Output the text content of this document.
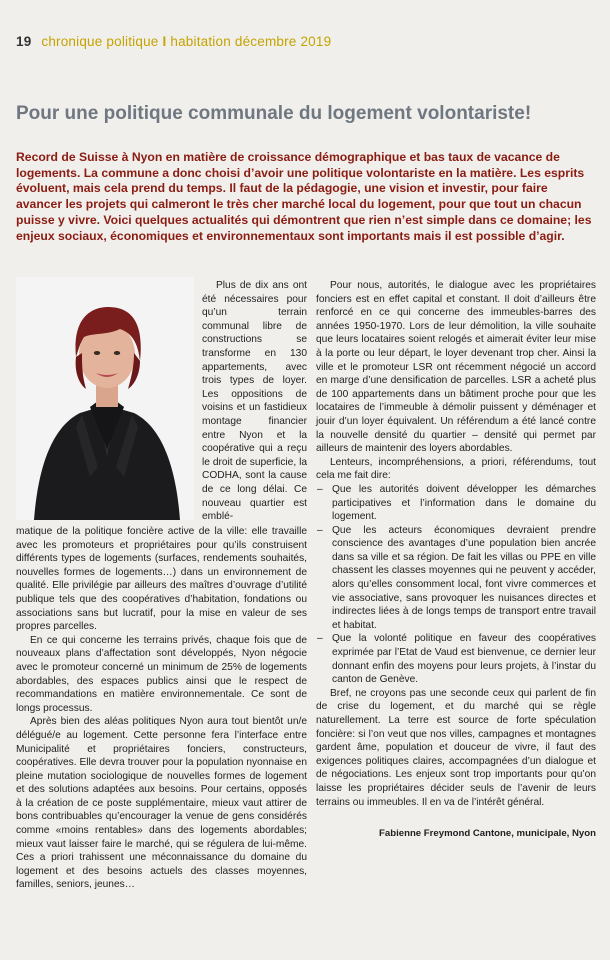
19 chronique politique I habitation décembre 2019
Pour une politique communale du logement volontariste!

Record de Suisse à Nyon en matière de croissance démographique et bas taux de vacance de logements. La commune a donc choisi d’avoir une politique volontariste en la matière. Les esprits évoluent, mais cela prend du temps. Il faut de la pédagogie, une vision et investir, pour faire avancer les projets qui calmeront le très cher marché local du logement, pour que tout un chacun puisse y vivre. Voici quelques actualités qui démontrent que rien n’est simple dans ce domaine; les enjeux sociaux, économiques et environnementaux sont importants mais il est possible d’agir.

Plus de dix ans ont été nécessaires pour qu’un terrain communal libre de constructions se transforme en 130 appartements, avec trois types de loyer. Les oppositions de voisins et un fastidieux montage financier entre Nyon et la coopérative qui a reçu le droit de superficie, la CODHA, sont la cause de ce long délai. Ce nouveau quartier est emblé-

matique de la politique foncière active de la ville: elle travaille avec les promoteurs et propriétaires pour qu’ils construisent différents types de logements (surfaces, rendements souhaités, nouvelles formes de logements…) dans un environnement de qualité. Elle privilégie par ailleurs des maîtres d’ouvrage d’utilité publique tels que des coopératives d’habitation, fondations ou associations sans but lucratif, pour la mise en valeur de ses propres parcelles.

En ce qui concerne les terrains privés, chaque fois que de nouveaux plans d’affectation sont développés, Nyon négocie avec le promoteur concerné un minimum de 25% de logements abordables, des espaces publics ainsi que le respect de recommandations en matière environnementale. Ce sont de longs processus.

Après bien des aléas politiques Nyon aura tout bientôt un/e délégué/e au logement. Cette personne fera l’interface entre Municipalité et propriétaires fonciers, constructeurs, coopératives. Elle devra trouver pour la population nyonnaise en pleine mutation sociologique de nouvelles formes de logement et des solutions adaptées aux besoins. Pour certains, opposés à la création de ce poste supplémentaire, mieux vaut attirer de bons contribuables qu’encourager la venue de gens considérés comme «moins rentables» dans des logements abordables; mieux vaut laisser faire le marché, qui se régulera de lui-même. Ces a priori trahissent une méconnaissance du domaine du logement et des besoins actuels des classes moyennes, familles, seniors, jeunes…

Pour nous, autorités, le dialogue avec les propriétaires fonciers est en effet capital et constant. Il doit d’ailleurs être renforcé en ce qui concerne des immeubles-barres des années 1950-1970. Lors de leur démolition, la ville souhaite que leurs locataires soient relogés et aimerait éviter leur mise à la porte ou leur départ, le loyer devenant trop cher. Ainsi la ville et le promoteur LSR ont récemment négocié un accord en marge d’une densification de parcelles. LSR a acheté plus de 100 appartements dans un bâtiment proche pour que les locataires de l’immeuble à démolir puissent y déménager et jouir d’un loyer équivalent. Un référendum a été lancé contre la nouvelle densité du quartier – densité qui permet par ailleurs de maintenir des loyers abordables.

Lenteurs, incompréhensions, a priori, référendums, tout cela me fait dire:

– Que les autorités doivent développer les démarches participatives et l’information dans le domaine du logement.
– Que les acteurs économiques devraient prendre conscience des avantages d’une population bien ancrée dans sa ville et sa région. De fait les villas ou PPE en ville chassent les classes moyennes qui ne peuvent y accéder, alors qu’elles consomment local, font vivre commerces et vie associative, sans provoquer les nuisances directes et indirectes liées à de longs temps de transport entre travail et habitat.
– Que la volonté politique en faveur des coopératives exprimée par l’Etat de Vaud est bienvenue, ce dernier leur donnant enfin des moyens pour leurs projets, à l’instar du canton de Genève.

Bref, ne croyons pas une seconde ceux qui parlent de fin de crise du logement, et du marché qui se règle naturellement. La terre est source de forte spéculation foncière: si l’on veut que nos villes, campagnes et montagnes gardent âme, population et douceur de vivre, il faut des exigences politiques claires, accompagnées d’un dialogue et de négociations. Les enjeux sont trop importants pour qu’on laisse les propriétaires décider seuls de l’avenir de leurs terrains ou immeubles. Il en va de l’intérêt général.

Fabienne Freymond Cantone, municipale, Nyon
